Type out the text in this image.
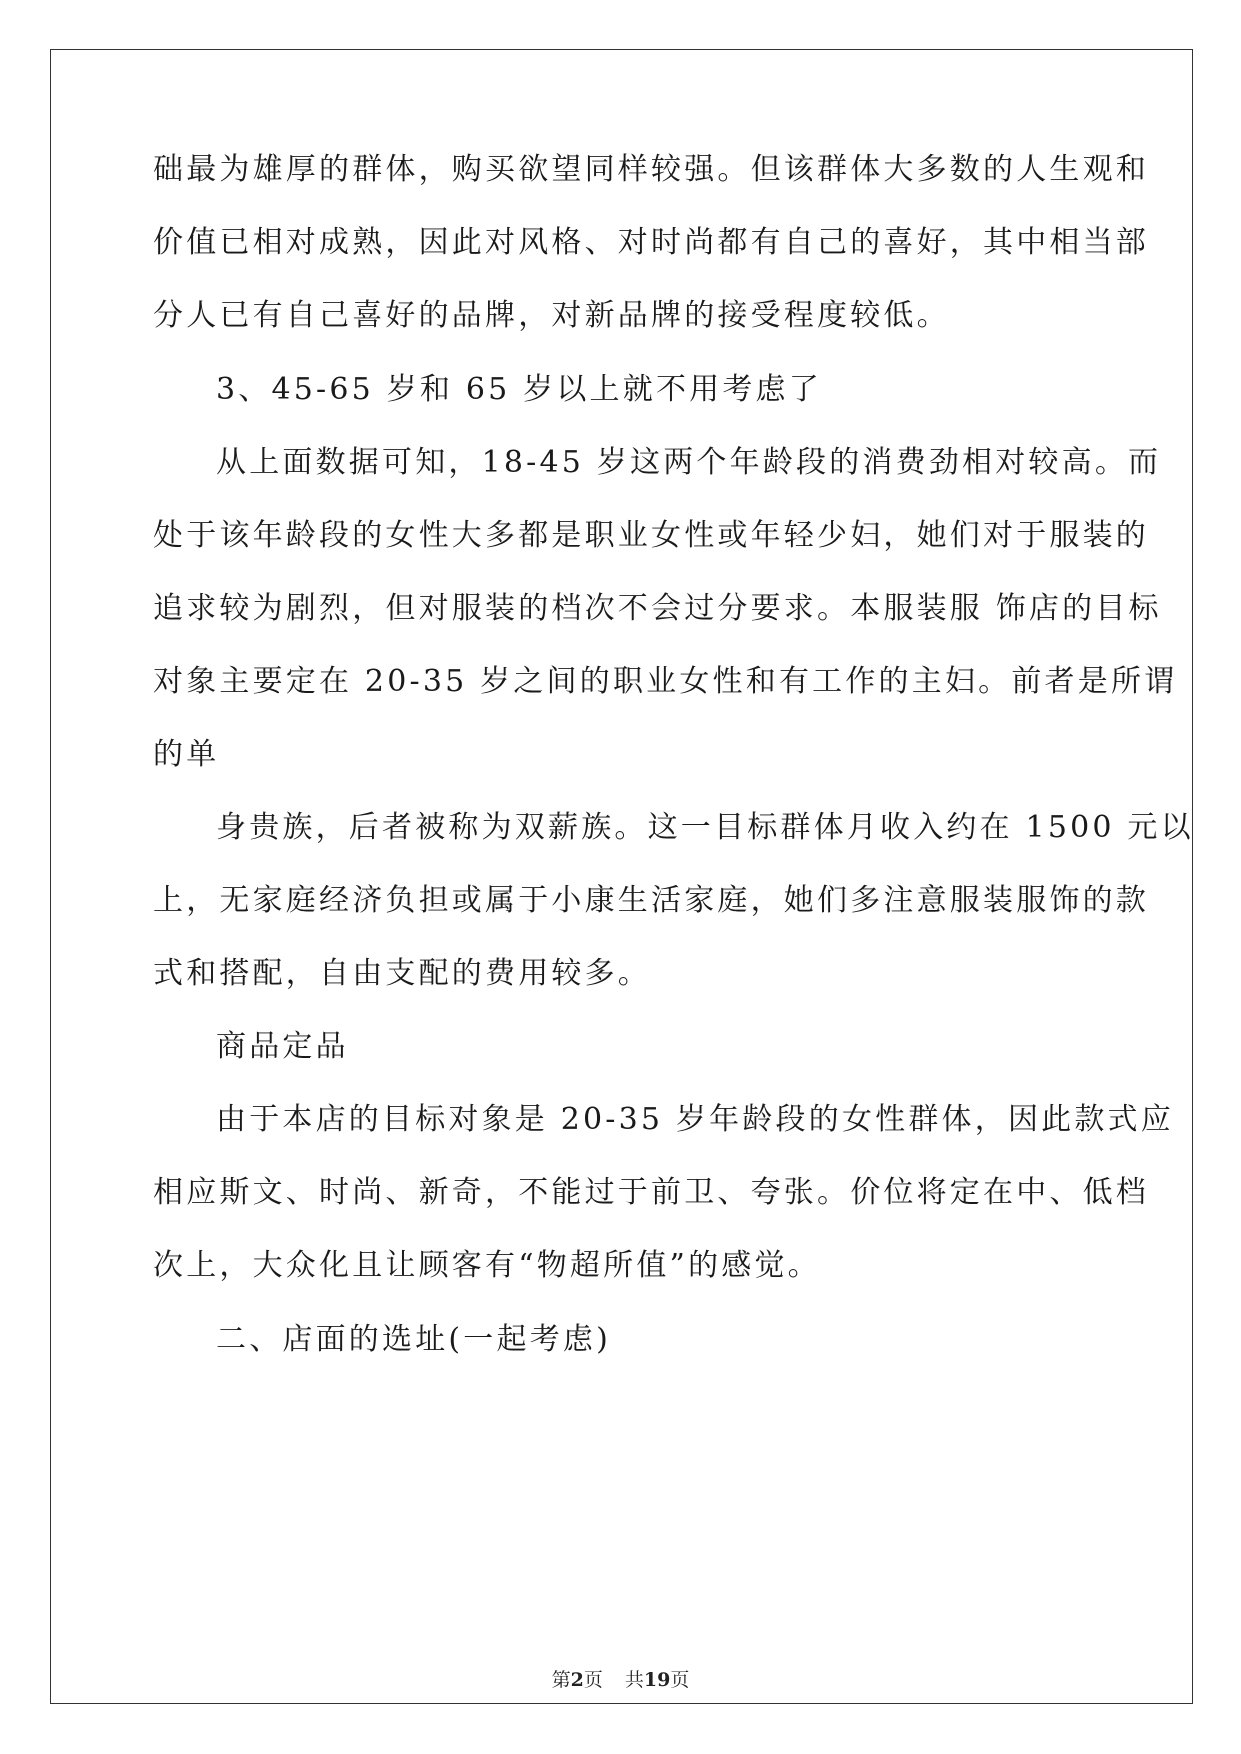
础最为雄厚的群体，购买欲望同样较强。但该群体大多数的人生观和
价值已相对成熟，因此对风格、对时尚都有自己的喜好，其中相当部
分人已有自己喜好的品牌，对新品牌的接受程度较低。
3、45-65 岁和 65 岁以上就不用考虑了
从上面数据可知，18-45 岁这两个年龄段的消费劲相对较高。而
处于该年龄段的女性大多都是职业女性或年轻少妇，她们对于服装的
追求较为剧烈，但对服装的档次不会过分要求。本服装服 饰店的目标
对象主要定在 20-35 岁之间的职业女性和有工作的主妇。前者是所谓
的单
身贵族，后者被称为双薪族。这一目标群体月收入约在 1500 元以
上，无家庭经济负担或属于小康生活家庭，她们多注意服装服饰的款
式和搭配，自由支配的费用较多。
商品定品
由于本店的目标对象是 20-35 岁年龄段的女性群体，因此款式应
相应斯文、时尚、新奇，不能过于前卫、夸张。价位将定在中、低档
次上，大众化且让顾客有“物超所值”的感觉。
二、店面的选址(一起考虑)
第2页 共19页
